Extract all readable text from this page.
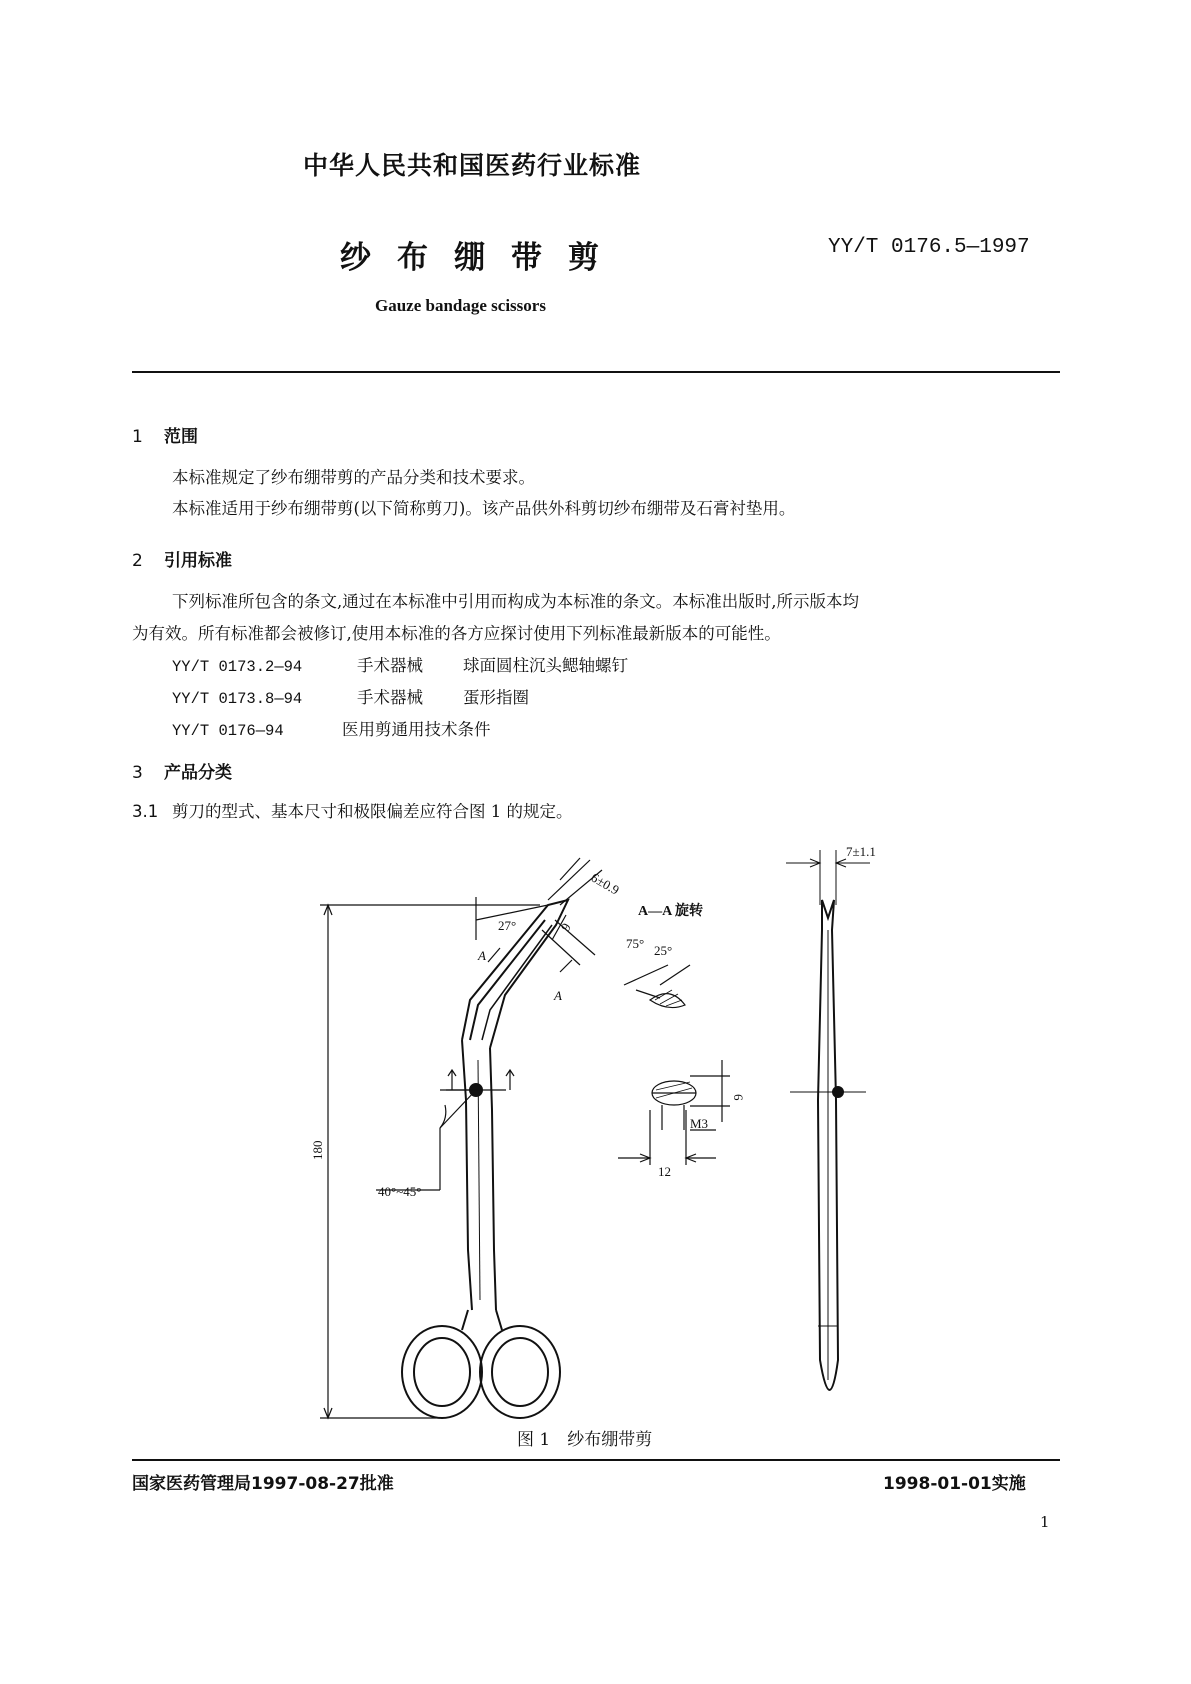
中华人民共和国医药行业标准
纱布绷带剪	YY/T 0176.5—1997
Gauze bandage scissors
1 范围
本标准规定了纱布绷带剪的产品分类和技术要求。
本标准适用于纱布绷带剪(以下简称剪刀)。该产品供外科剪切纱布绷带及石膏衬垫用。
2 引用标准
下列标准所包含的条文,通过在本标准中引用而构成为本标准的条文。本标准出版时,所示版本均
为有效。所有标准都会被修订,使用本标准的各方应探讨使用下列标准最新版本的可能性。
YY/T 0173.2—94	手术器械 球面圆柱沉头鳃轴螺钉
YY/T 0173.8—94	手术器械 蛋形指圈
YY/T 0176—94	医用剪通用技术条件
3 产品分类
3.1 剪刀的型式、基本尺寸和极限偏差应符合图 1 的规定。
180
40°~45°
27°
6±0.9
9
A
A
A—A 旋转
75° 25°
6
M3
12
7±1.1
图 1　纱布绷带剪
国家医药管理局1997-08-27批准	1998-01-01实施
1
